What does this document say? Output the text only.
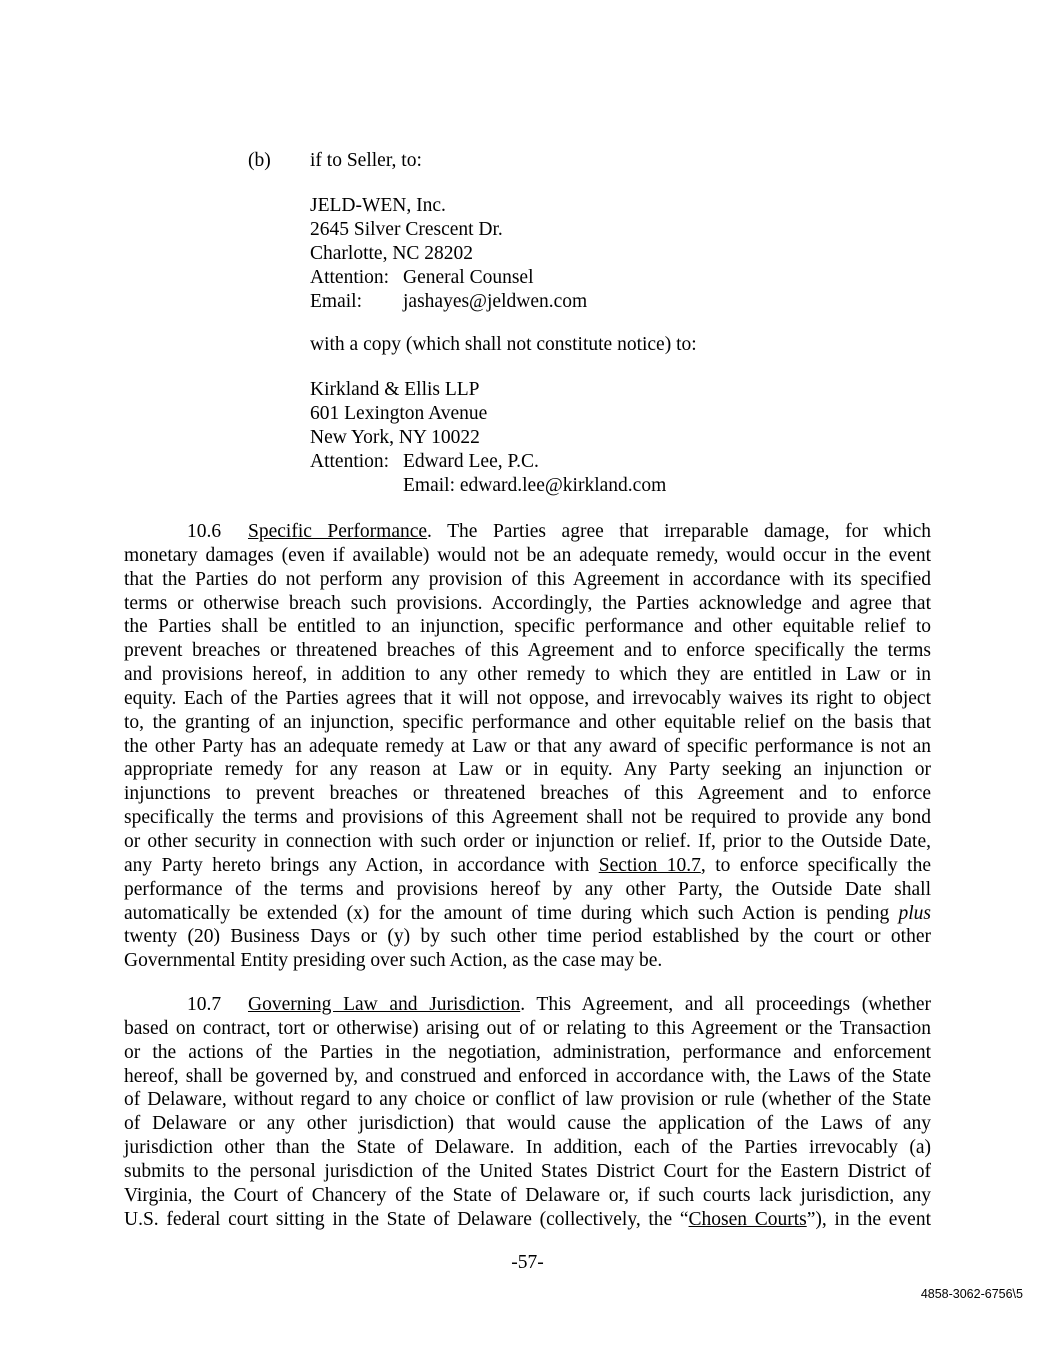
(b) if to Seller, to:
JELD-WEN, Inc.
2645 Silver Crescent Dr.
Charlotte, NC 28202
Attention: General Counsel
Email: jashayes@jeldwen.com
with a copy (which shall not constitute notice) to:
Kirkland & Ellis LLP
601 Lexington Avenue
New York, NY 10022
Attention: Edward Lee, P.C.
Email: edward.lee@kirkland.com
10.6 Specific Performance. The Parties agree that irreparable damage, for which
monetary damages (even if available) would not be an adequate remedy, would occur in the event
that the Parties do not perform any provision of this Agreement in accordance with its specified
terms or otherwise breach such provisions. Accordingly, the Parties acknowledge and agree that
the Parties shall be entitled to an injunction, specific performance and other equitable relief to
prevent breaches or threatened breaches of this Agreement and to enforce specifically the terms
and provisions hereof, in addition to any other remedy to which they are entitled in Law or in
equity. Each of the Parties agrees that it will not oppose, and irrevocably waives its right to object
to, the granting of an injunction, specific performance and other equitable relief on the basis that
the other Party has an adequate remedy at Law or that any award of specific performance is not an
appropriate remedy for any reason at Law or in equity. Any Party seeking an injunction or
injunctions to prevent breaches or threatened breaches of this Agreement and to enforce
specifically the terms and provisions of this Agreement shall not be required to provide any bond
or other security in connection with such order or injunction or relief. If, prior to the Outside Date,
any Party hereto brings any Action, in accordance with Section 10.7, to enforce specifically the
performance of the terms and provisions hereof by any other Party, the Outside Date shall
automatically be extended (x) for the amount of time during which such Action is pending plus
twenty (20) Business Days or (y) by such other time period established by the court or other
Governmental Entity presiding over such Action, as the case may be.
10.7 Governing Law and Jurisdiction. This Agreement, and all proceedings (whether
based on contract, tort or otherwise) arising out of or relating to this Agreement or the Transaction
or the actions of the Parties in the negotiation, administration, performance and enforcement
hereof, shall be governed by, and construed and enforced in accordance with, the Laws of the State
of Delaware, without regard to any choice or conflict of law provision or rule (whether of the State
of Delaware or any other jurisdiction) that would cause the application of the Laws of any
jurisdiction other than the State of Delaware. In addition, each of the Parties irrevocably (a)
submits to the personal jurisdiction of the United States District Court for the Eastern District of
Virginia, the Court of Chancery of the State of Delaware or, if such courts lack jurisdiction, any
U.S. federal court sitting in the State of Delaware (collectively, the “Chosen Courts”), in the event
-57-
4858-3062-6756\5
